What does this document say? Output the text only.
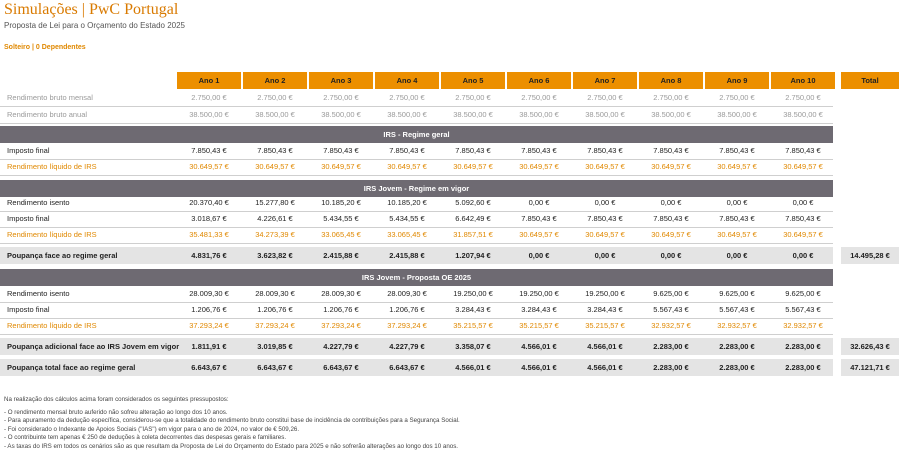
Simulações | PwC Portugal
Proposta de Lei para o Orçamento do Estado 2025
Solteiro | 0 Dependentes
Ano 1	Ano 2	Ano 3	Ano 4	Ano 5	Ano 6	Ano 7	Ano 8	Ano 9	Ano 10	Total
Rendimento bruto mensal	2.750,00 €	2.750,00 €	2.750,00 €	2.750,00 €	2.750,00 €	2.750,00 €	2.750,00 €	2.750,00 €	2.750,00 €	2.750,00 €
Rendimento bruto anual	38.500,00 €	38.500,00 €	38.500,00 €	38.500,00 €	38.500,00 €	38.500,00 €	38.500,00 €	38.500,00 €	38.500,00 €	38.500,00 €
IRS - Regime geral
Imposto final	7.850,43 €	7.850,43 €	7.850,43 €	7.850,43 €	7.850,43 €	7.850,43 €	7.850,43 €	7.850,43 €	7.850,43 €	7.850,43 €
Rendimento líquido de IRS	30.649,57 €	30.649,57 €	30.649,57 €	30.649,57 €	30.649,57 €	30.649,57 €	30.649,57 €	30.649,57 €	30.649,57 €	30.649,57 €
IRS Jovem - Regime em vigor
Rendimento isento	20.370,40 €	15.277,80 €	10.185,20 €	10.185,20 €	5.092,60 €	0,00 €	0,00 €	0,00 €	0,00 €	0,00 €
Imposto final	3.018,67 €	4.226,61 €	5.434,55 €	5.434,55 €	6.642,49 €	7.850,43 €	7.850,43 €	7.850,43 €	7.850,43 €	7.850,43 €
Rendimento líquido de IRS	35.481,33 €	34.273,39 €	33.065,45 €	33.065,45 €	31.857,51 €	30.649,57 €	30.649,57 €	30.649,57 €	30.649,57 €	30.649,57 €
Poupança face ao regime geral	4.831,76 €	3.623,82 €	2.415,88 €	2.415,88 €	1.207,94 €	0,00 €	0,00 €	0,00 €	0,00 €	0,00 €	14.495,28 €
IRS Jovem - Proposta OE 2025
Rendimento isento	28.009,30 €	28.009,30 €	28.009,30 €	28.009,30 €	19.250,00 €	19.250,00 €	19.250,00 €	9.625,00 €	9.625,00 €	9.625,00 €
Imposto final	1.206,76 €	1.206,76 €	1.206,76 €	1.206,76 €	3.284,43 €	3.284,43 €	3.284,43 €	5.567,43 €	5.567,43 €	5.567,43 €
Rendimento líquido de IRS	37.293,24 €	37.293,24 €	37.293,24 €	37.293,24 €	35.215,57 €	35.215,57 €	35.215,57 €	32.932,57 €	32.932,57 €	32.932,57 €
Poupança adicional face ao IRS Jovem em vigor	1.811,91 €	3.019,85 €	4.227,79 €	4.227,79 €	3.358,07 €	4.566,01 €	4.566,01 €	2.283,00 €	2.283,00 €	2.283,00 €	32.626,43 €
Poupança total face ao regime geral	6.643,67 €	6.643,67 €	6.643,67 €	6.643,67 €	4.566,01 €	4.566,01 €	4.566,01 €	2.283,00 €	2.283,00 €	2.283,00 €	47.121,71 €
Na realização dos cálculos acima foram considerados os seguintes pressupostos:
- O rendimento mensal bruto auferido não sofreu alteração ao longo dos 10 anos.
- Para apuramento da dedução específica, considerou-se que a totalidade do rendimento bruto constitui base de incidência de contribuições para a Segurança Social.
- Foi considerado o Indexante de Apoios Sociais ("IAS") em vigor para o ano de 2024, no valor de € 509,26.
- O contribuinte tem apenas € 250 de deduções à coleta decorrentes das despesas gerais e familiares.
- As taxas do IRS em todos os cenários são as que resultam da Proposta de Lei do Orçamento do Estado para 2025 e não sofrerão alterações ao longo dos 10 anos.
